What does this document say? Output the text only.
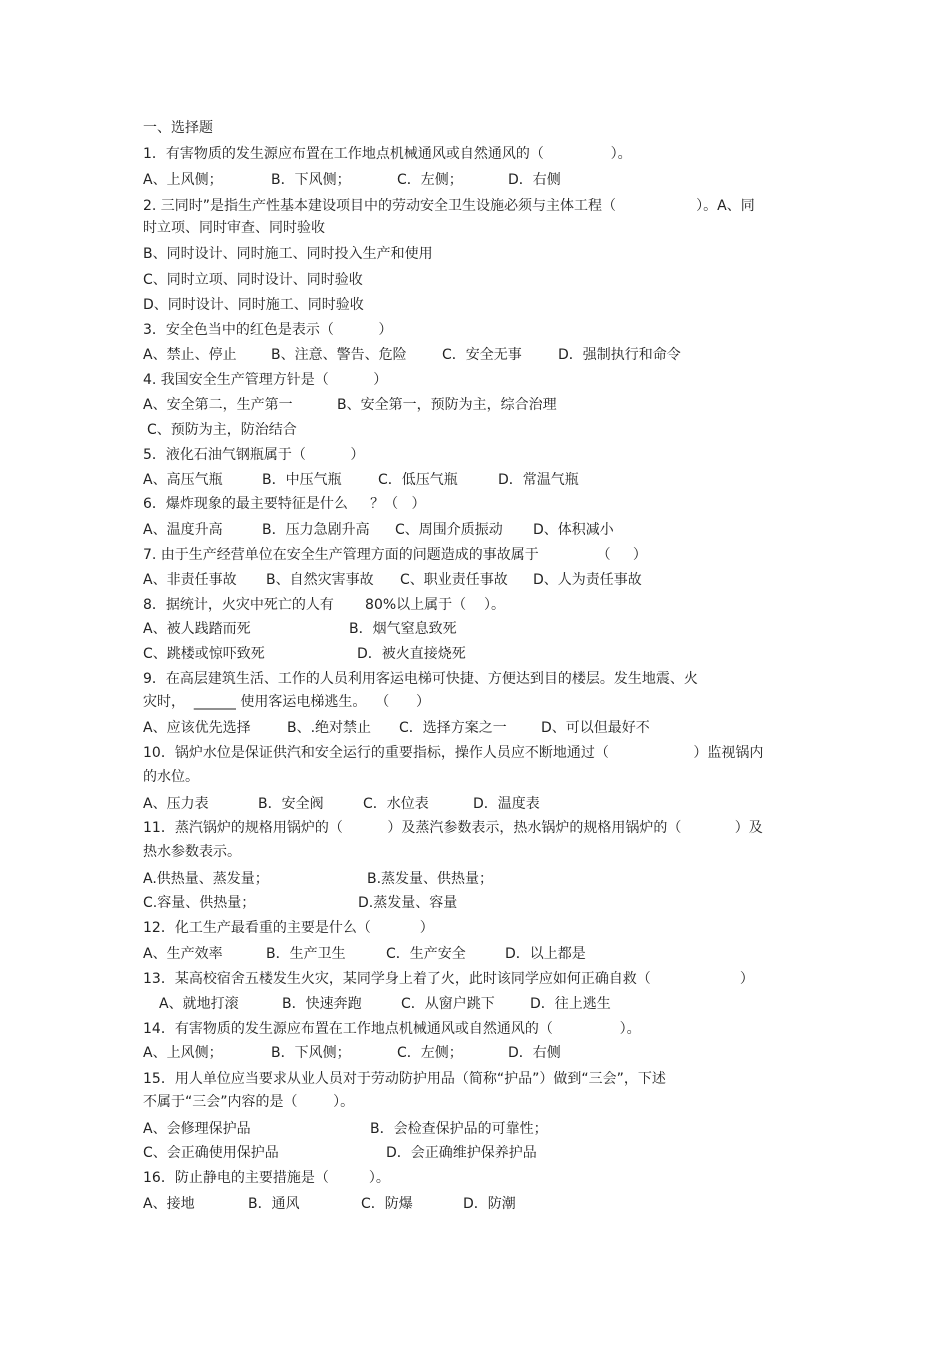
一、选择题
1．有害物质的发生源应布置在工作地点机械通风或自然通风的（               ）。
A、上风侧；	B．下风侧；	C．左侧；	D．右侧
2. 三同时”是指生产性基本建设项目中的劳动安全卫生设施必须与主体工程（                  ）。A、同
时立项、同时审查、同时验收
B、同时设计、同时施工、同时投入生产和使用
C、同时立项、同时设计、同时验收
D、同时设计、同时施工、同时验收
3．安全色当中的红色是表示（          ）
A、禁止、停止 B、注意、警告、危险	C．安全无事	D．强制执行和命令
4. 我国安全生产管理方针是（          ）
A、安全第二，生产第一	B、安全第一，预防为主，综合治理
C、预防为主，防治结合
5．液化石油气钢瓶属于（          ）
A、高压气瓶	B．中压气瓶	C．低压气瓶	D．常温气瓶
6．爆炸现象的最主要特征是什么     ？（   ）
A、温度升高	B．压力急剧升高 C、周围介质振动 D、体积减小
7. 由于生产经营单位在安全生产管理方面的问题造成的事故属于             （     ）
A、非责任事故 B、自然灾害事故 C、职业责任事故 D、人为责任事故
8．据统计，火灾中死亡的人有       80%以上属于（    ）。
A、被人践踏而死	B．烟气窒息致死
C、跳楼或惊吓致死	D．被火直接烧死
9．在高层建筑生活、工作的人员利用客运电梯可快捷、方便达到目的楼层。发生地震、火
灾时，  ______ 使用客运电梯逃生。  （      ）
A、应该优先选择	B、.绝对禁止 C．选择方案之一 D、可以但最好不
10．锅炉水位是保证供汽和安全运行的重要指标，操作人员应不断地通过（                   ）监视锅内
的水位。
A、压力表	B．安全阀	C．水位表	D．温度表
11．蒸汽锅炉的规格用锅炉的（          ）及蒸汽参数表示，热水锅炉的规格用锅炉的（            ）及
热水参数表示。
A.供热量、蒸发量；	B.蒸发量、供热量；
C.容量、供热量；	D.蒸发量、容量
12．化工生产最看重的主要是什么（           ）
A、生产效率	B．生产卫生	C．生产安全	D．以上都是
13．某高校宿舍五楼发生火灾，某同学身上着了火，此时该同学应如何正确自救（                    ）
A、就地打滚	B．快速奔跑	C．从窗户跳下	D．往上逃生
14．有害物质的发生源应布置在工作地点机械通风或自然通风的（               ）。
A、上风侧；	B．下风侧；	C．左侧；	D．右侧
15．用人单位应当要求从业人员对于劳动防护用品（简称“护品”）做到“三会”，下述
不属于“三会”内容的是（        ）。
A、会修理保护品	B．会检查保护品的可靠性；
C、会正确使用保护品	D．会正确维护保养护品
16．防止静电的主要措施是（         ）。
A、接地	B．通风	C．防爆	D．防潮
